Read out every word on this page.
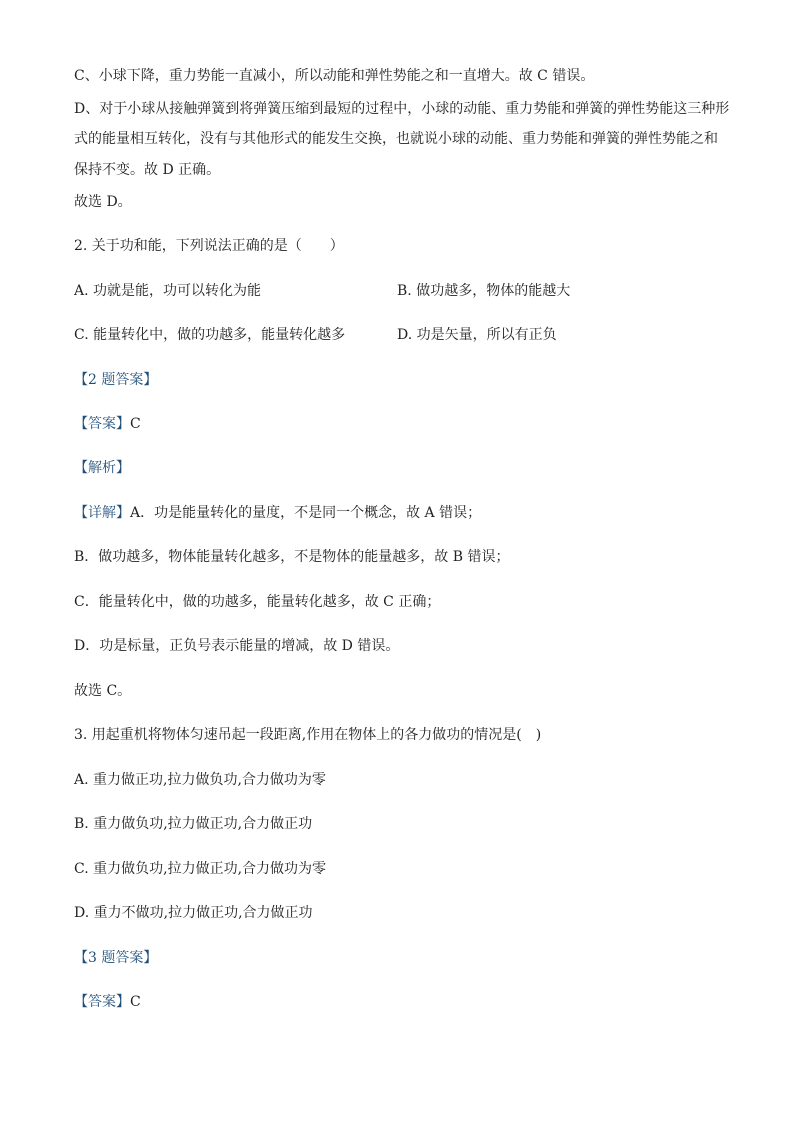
C、小球下降，重力势能一直减小，所以动能和弹性势能之和一直增大。故 C 错误。
D、对于小球从接触弹簧到将弹簧压缩到最短的过程中，小球的动能、重力势能和弹簧的弹性势能这三种形
式的能量相互转化，没有与其他形式的能发生交换，也就说小球的动能、重力势能和弹簧的弹性势能之和
保持不变。故 D 正确。
故选 D。
2. 关于功和能，下列说法正确的是（　　）
A. 功就是能，功可以转化为能	B. 做功越多，物体的能越大
C. 能量转化中，做的功越多，能量转化越多	D. 功是矢量，所以有正负
【2 题答案】
【答案】C
【解析】
【详解】A．功是能量转化的量度，不是同一个概念，故 A 错误；
B．做功越多，物体能量转化越多，不是物体的能量越多，故 B 错误；
C．能量转化中，做的功越多，能量转化越多，故 C 正确；
D．功是标量，正负号表示能量的增减，故 D 错误。
故选 C。
3. 用起重机将物体匀速吊起一段距离,作用在物体上的各力做功的情况是(　)
A. 重力做正功,拉力做负功,合力做功为零
B. 重力做负功,拉力做正功,合力做正功
C. 重力做负功,拉力做正功,合力做功为零
D. 重力不做功,拉力做正功,合力做正功
【3 题答案】
【答案】C
